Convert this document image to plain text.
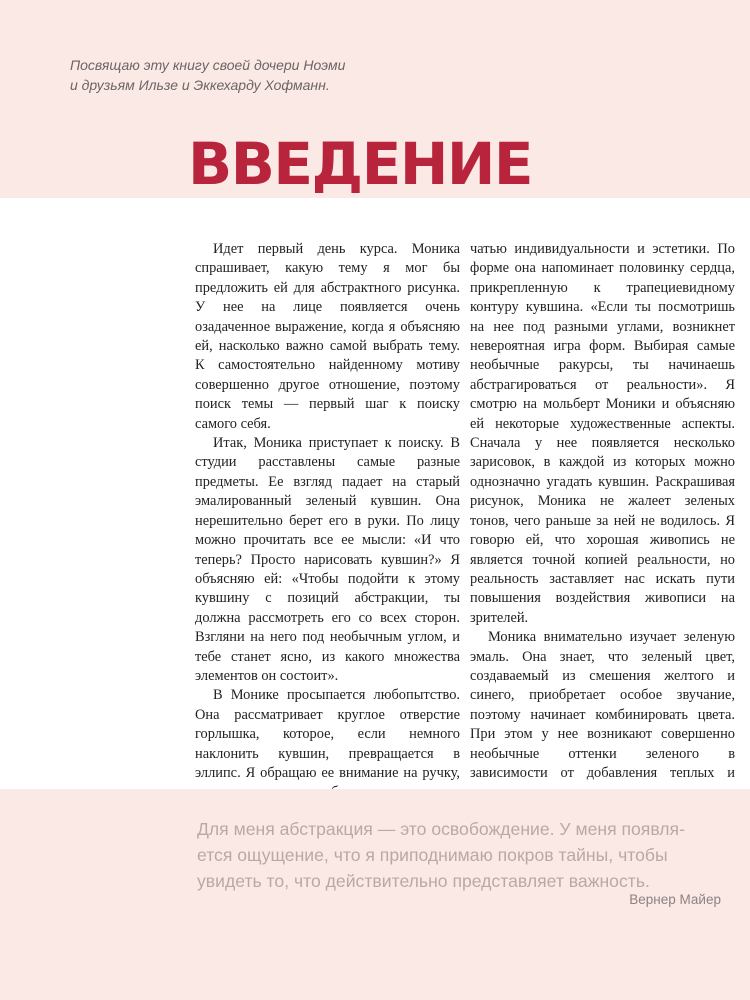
Посвящаю эту книгу своей дочери Ноэми
и друзьям Ильзе и Эккехарду Хофманн.
ВВЕДЕНИЕ

Идет первый день курса. Моника спрашивает, какую тему я мог бы предложить ей для абстрактного рисунка. У нее на лице появляется очень озадаченное выражение, когда я объясняю ей, насколько важно самой выбрать тему. К самостоятельно найденному мотиву совершенно другое отношение, поэтому поиск темы — первый шаг к поиску самого себя.

Итак, Моника приступает к поиску. В студии расставлены самые разные предметы. Ее взгляд падает на старый эмалированный зеленый кувшин. Она нерешительно берет его в руки. По лицу можно прочитать все ее мысли: «И что теперь? Просто нарисовать кувшин?» Я объясняю ей: «Чтобы подойти к этому кувшину с позиций абстракции, ты должна рассмотреть его со всех сторон. Взгляни на него под необычным углом, и тебе станет ясно, из какого множества элементов он состоит».

В Монике просыпается любопытство. Она рассматривает круглое отверстие горлышка, которое, если немного наклонить кувшин, превращается в эллипс. Я обращаю ее внимание на ручку,

чатью индивидуальности и эстетики. По форме она напоминает половинку сердца, прикрепленную к трапециевидному контуру кувшина. «Если ты посмотришь на нее под разными углами, возникнет невероятная игра форм. Выбирая самые необычные ракурсы, ты начинаешь абстрагироваться от реальности». Я смотрю на мольберт Моники и объясняю ей некоторые художественные аспекты. Сначала у нее появляется несколько зарисовок, в каждой из которых можно однозначно угадать кувшин. Раскрашивая рисунок, Моника не жалеет зеленых тонов, чего раньше за ней не водилось. Я говорю ей, что хорошая живопись не является точной копией реальности, но реальность заставляет нас искать пути повышения воздействия живописи на зрителей.

Моника внимательно изучает зеленую эмаль. Она знает, что зеленый цвет, создаваемый из смешения желтого и синего, приобретает особое звучание, поэтому начинает комбинировать цвета. При этом у нее возникают совершенно необычные оттенки зеленого в зависимости от добавления теплых и

Для меня абстракция — это освобождение. У меня появля-
ется ощущение, что я приподнимаю покров тайны, чтобы
увидеть то, что действительно представляет важность.

Вернер Майер
